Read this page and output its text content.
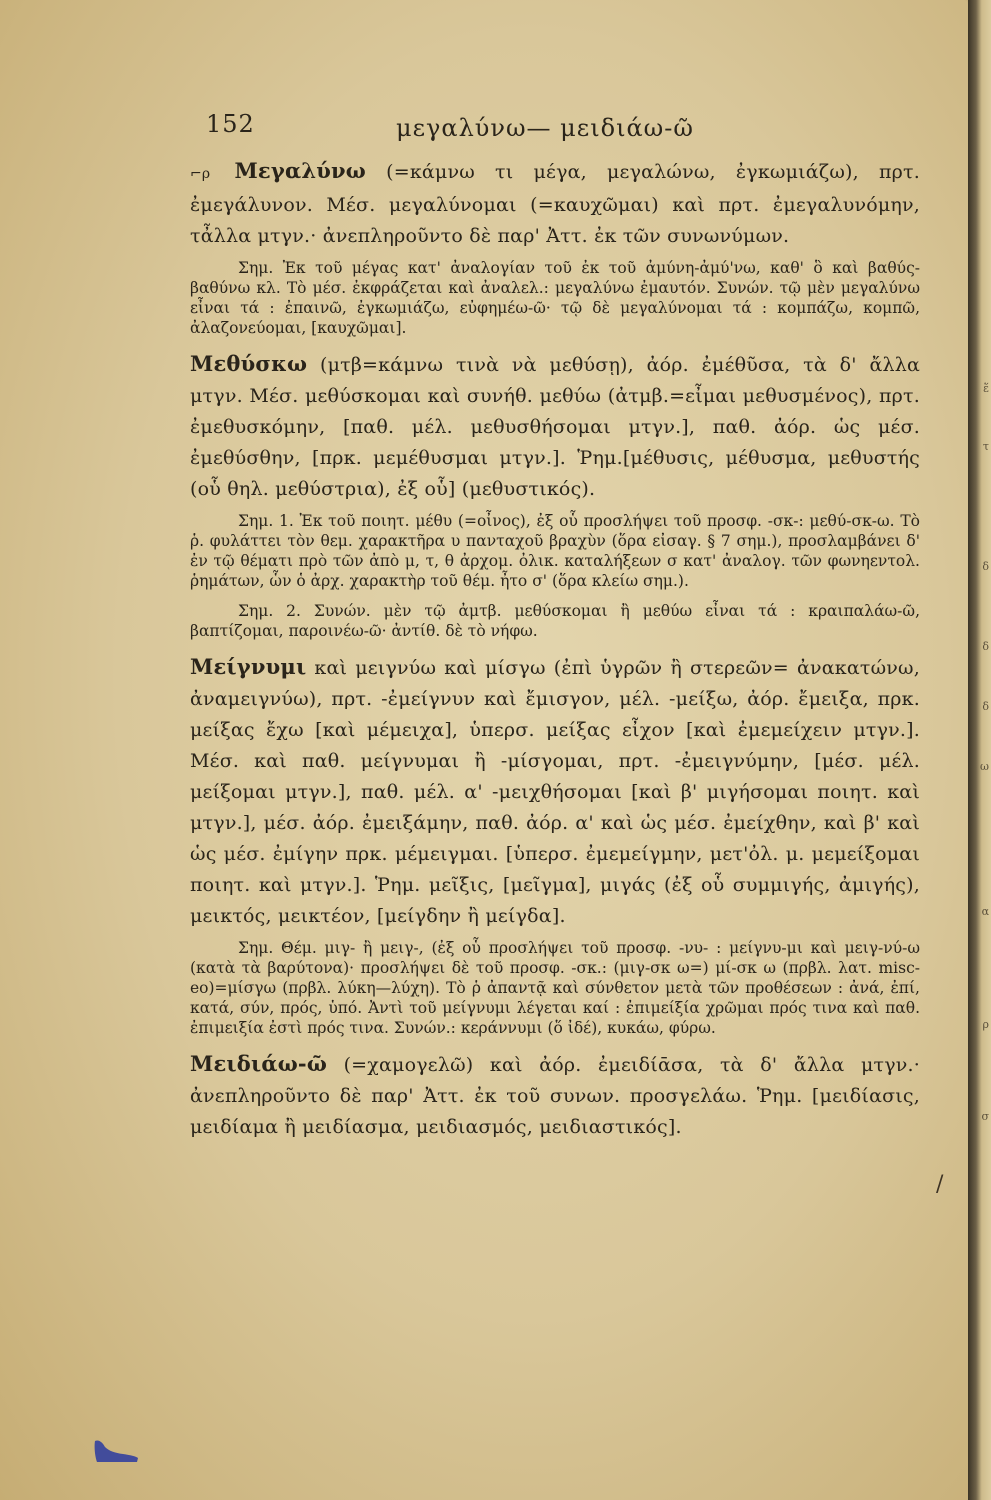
152	μεγαλύνω— μειδιάω-ῶ
⌐ρ Μεγαλύνω (=κάμνω τι μέγα, μεγαλώνω, ἐγκωμιάζω), πρτ. ἐμεγάλυνον. Μέσ. μεγαλύνομαι (=καυχῶμαι) καὶ πρτ. ἐμεγαλυνόμην, τἆλλα μτγν.· ἀνεπληροῦντο δὲ παρ' Ἀττ. ἐκ τῶν συνωνύμων.
Σημ. Ἐκ τοῦ μέγας κατ' ἀναλογίαν τοῦ ἐκ τοῦ ἀμύνη-ἀμύ'νω, καθ' ὃ καὶ βαθύς-βαθύνω κλ. Τὸ μέσ. ἐκφράζεται καὶ ἀναλελ.: μεγαλύνω ἐμαυτόν. Συνών. τῷ μὲν μεγαλύνω εἶναι τά : ἐπαινῶ, ἐγκωμιάζω, εὐφημέω-ῶ· τῷ δὲ μεγαλύνομαι τά : κομπάζω, κομπῶ, ἀλαζονεύομαι, [καυχῶμαι].
Μεθύσκω (μτβ=κάμνω τινὰ νὰ μεθύσῃ), ἀόρ. ἐμέθῦσα, τὰ δ' ἄλλα μτγν. Μέσ. μεθύσκομαι καὶ συνήθ. μεθύω (ἀτμβ.=εἶμαι μεθυσμένος), πρτ. ἐμεθυσκόμην, [παθ. μέλ. μεθυσθήσομαι μτγν.], παθ. ἀόρ. ὡς μέσ. ἐμεθύσθην, [πρκ. μεμέθυσμαι μτγν.]. Ῥημ.[μέθυσις, μέθυσμα, μεθυστής (οὗ θηλ. μεθύστρια), ἐξ οὗ] (μεθυστικός).
Σημ. 1. Ἐκ τοῦ ποιητ. μέθυ (=οἶνος), ἐξ οὗ προσλήψει τοῦ προσφ. -σκ-: μεθύ-σκ-ω. Τὸ ῥ. φυλάττει τὸν θεμ. χαρακτῆρα υ πανταχοῦ βραχὺν (ὅρα εἰσαγ. § 7 σημ.), προσλαμβάνει δ' ἐν τῷ θέματι πρὸ τῶν ἀπὸ μ, τ, θ ἀρχομ. ὀλικ. καταλήξεων σ κατ' ἀναλογ. τῶν φωνηεντολ. ῥημάτων, ὧν ὁ ἀρχ. χαρακτὴρ τοῦ θέμ. ἦτο σ' (ὅρα κλείω σημ.).
Σημ. 2. Συνών. μὲν τῷ ἀμτβ. μεθύσκομαι ἢ μεθύω εἶναι τά : κραιπαλάω-ῶ, βαπτίζομαι, παροινέω-ῶ· ἀντίθ. δὲ τὸ νήφω.
Μείγνυμι καὶ μειγνύω καὶ μίσγω (ἐπὶ ὑγρῶν ἢ στερεῶν= ἀνακατώνω, ἀναμειγνύω), πρτ. -ἐμείγνυν καὶ ἔμισγον, μέλ. -μείξω, ἀόρ. ἔμειξα, πρκ. μείξας ἔχω [καὶ μέμειχα], ὑπερσ. μείξας εἶχον [καὶ ἐμεμείχειν μτγν.]. Μέσ. καὶ παθ. μείγνυμαι ἢ -μίσγομαι, πρτ. -ἐμειγνύμην, [μέσ. μέλ. μείξομαι μτγν.], παθ. μέλ. α' -μειχθήσομαι [καὶ β' μιγήσομαι ποιητ. καὶ μτγν.], μέσ. ἀόρ. ἐμειξάμην, παθ. ἀόρ. α' καὶ ὡς μέσ. ἐμείχθην, καὶ β' καὶ ὡς μέσ. ἐμίγην πρκ. μέμειγμαι. [ὑπερσ. ἐμεμείγμην, μετ'ὀλ. μ. μεμείξομαι ποιητ. καὶ μτγν.]. Ῥημ. μεῖξις, [μεῖγμα], μιγάς (ἐξ οὗ συμμιγής, ἀμιγής), μεικτός, μεικτέον, [μείγδην ἢ μείγδα].
Σημ. Θέμ. μιγ- ἢ μειγ-, (ἐξ οὗ προσλήψει τοῦ προσφ. -νυ- : μείγνυ-μι καὶ μειγ-νύ-ω (κατὰ τὰ βαρύτονα)· προσλήψει δὲ τοῦ προσφ. -σκ.: (μιγ-σκ ω=) μί-σκ ω (πρβλ. λατ. misc-eo)=μίσγω (πρβλ. λύκη—λύχη). Τὸ ῥ ἀπαντᾷ καὶ σύνθετον μετὰ τῶν προθέσεων : ἀνά, ἐπί, κατά, σύν, πρός, ὑπό. Ἀντὶ τοῦ μείγνυμι λέγεται καί : ἐπιμείξία χρῶμαι πρός τινα καὶ παθ. ἐπιμειξία ἐστὶ πρός τινα. Συνών.: κεράννυμι (ὅ ἰδέ), κυκάω, φύρω.
Μειδιάω-ῶ (=χαμογελῶ) καὶ ἀόρ. ἐμειδίᾱσα, τὰ δ' ἄλλα μτγν.· ἀνεπληροῦντο δὲ παρ' Ἀττ. ἐκ τοῦ συνων. προσγελάω. Ῥημ. [μειδίασις, μειδίαμα ἢ μειδίασμα, μειδιασμός, μειδιαστικός].
/
ἕ
τ
δ
δ
δ
ω
α
ρ
σ
